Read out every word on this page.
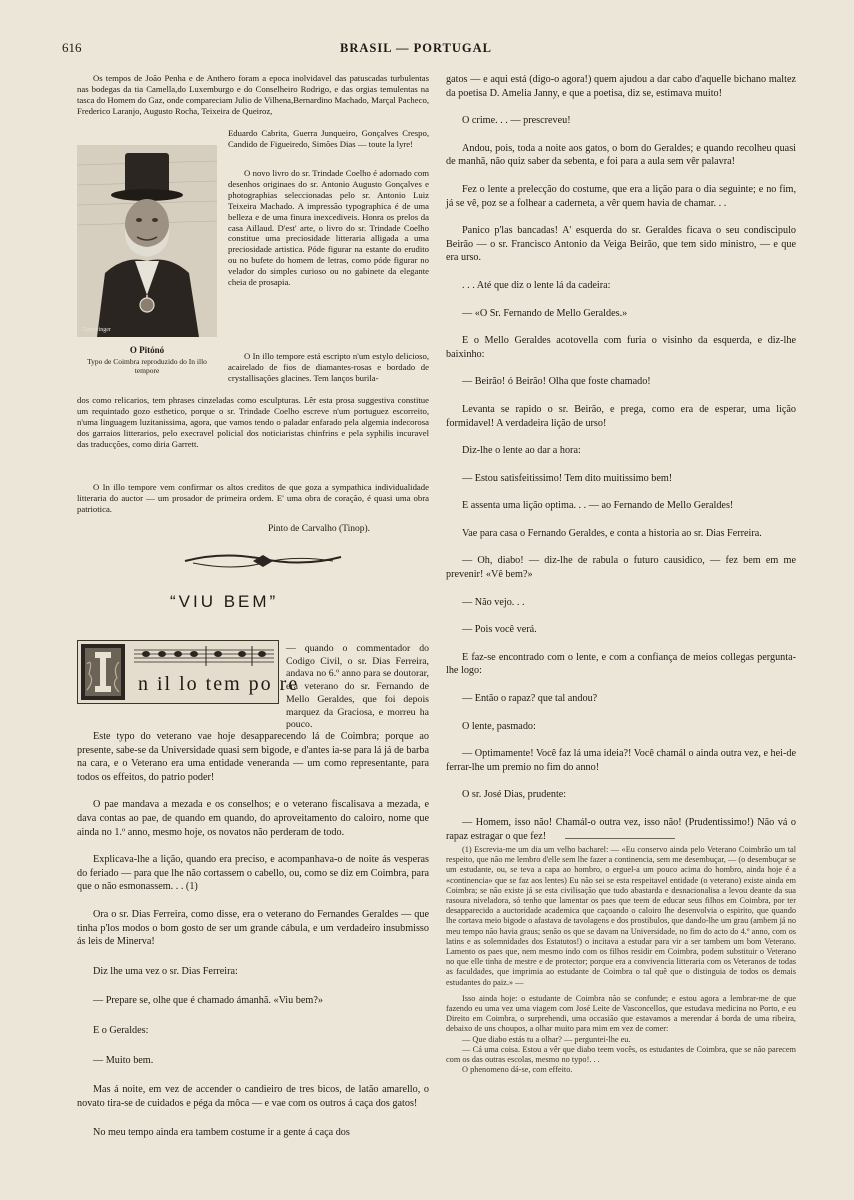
616	BRASIL — PORTUGAL

Os tempos de João Penha e de Anthero foram a epoca inolvidavel das patuscadas turbulentas nas bodegas da tia Camella,do Luxemburgo e do Conselheiro Rodrigo, e das orgias temulentas na tasca do Homem do Gaz, onde compareciam Julio de Vilhena,Bernardino Machado, Marçal Pacheco, Frederico Laranjo, Augusto Rocha, Teixeira de Queiroz,

Eduardo Cabrita, Guerra Junqueiro, Gonçalves Crespo, Candido de Figueiredo, Simões Dias — toute la lyre!

Tarrycinger

O novo livro do sr. Trindade Coelho é adornado com desenhos originaes do sr. Antonio Augusto Gonçalves e photographias seleccionadas pelo sr. Antonio Luiz Teixeira Machado. A impressão typographica é de uma belleza e de uma finura inexcediveis. Honra os prelos da casa Aillaud. D'est' arte, o livro do sr. Trindade Coelho constitue uma preciosidade litteraria alligada a uma preciosidade artistica. Póde figurar na estante do erudito ou no bufete do homem de letras, como póde figurar no velador do simples curioso ou no gabinete da elegante cheia de prosapia.

O Pitónó
Typo de Coimbra reproduzido do In illo tempore

O In illo tempore está escripto n'um estylo delicioso, acairelado de fios de diamantes-rosas e bordado de crystallisações glacines. Tem lanços burila-

dos como relicarios, tem phrases cinzeladas como esculpturas. Lêr esta prosa suggestiva constitue um requintado gozo esthetico, porque o sr. Trindade Coelho escreve n'um portuguez escorreito, n'uma linguagem luzitanissima, agora, que vamos tendo o paladar enfarado pela algemia indecorosa dos garraios litterarios, pelo execravel policial dos noticiaristas chinfrins e pela syphilis incuravel das traducções, como diria Garrett.

O In illo tempore vem confirmar os altos creditos de que goza a sympathica individualidade litteraria do auctor — um prosador de primeira ordem. E' uma obra de coração, é quasi uma obra patriotica.

Pinto de Carvalho (Tinop).
“VIU BEM”
n il lo tem po re

— quando o commentador do Codigo Civil, o sr. Dias Ferreira, andava no 6.º anno para se doutorar, era veterano do sr. Fernando de Mello Geraldes, que foi depois marquez da Graciosa, e morreu ha pouco.

Este typo do veterano vae hoje desapparecendo lá de Coimbra; porque ao presente, sabe-se da Universidade quasi sem bigode, e d'antes ia-se para lá já de barba na cara, e o Veterano era uma entidade veneranda — um como representante, para todos os effeitos, do patrio poder!

O pae mandava a mezada e os conselhos; e o veterano fiscalisava a mezada, e dava contas ao pae, de quando em quando, do aproveitamento do caloiro, nome que ainda no 1.º anno, mesmo hoje, os novatos não perderam de todo.

Explicava-lhe a lição, quando era preciso, e acompanhava-o de noite ás vesperas do feriado — para que lhe não cortassem o cabello, ou, como se diz em Coimbra, para que o não esmonassem. . . (1)

Ora o sr. Dias Ferreira, como disse, era o veterano do Fernandes Geraldes — que tinha p'los modos o bom gosto de ser um grande cábula, e um verdadeiro insubmisso ás leis de Minerva!

Diz lhe uma vez o sr. Dias Ferreira:

— Prepare se, olhe que é chamado ámanhã. «Viu bem?»

E o Geraldes:

— Muito bem.

Mas á noite, em vez de accender o candieiro de tres bicos, de latão amarello, o novato tira-se de cuidados e péga da môca — e vae com os outros á caça dos gatos!

No meu tempo ainda era tambem costume ir a gente á caça dos

gatos — e aqui está (digo-o agora!) quem ajudou a dar cabo d'aquelle bichano maltez da poetisa D. Amelia Janny, e que a poetisa, diz se, estimava muito!

O crime. . . — prescreveu!

Andou, pois, toda a noite aos gatos, o bom do Geraldes; e quando recolheu quasi de manhã, não quiz saber da sebenta, e foi para a aula sem vêr palavra!

Fez o lente a prelecção do costume, que era a lição para o dia seguinte; e no fim, já se vê, poz se a folhear a caderneta, a vêr quem havia de chamar. . .

Panico p'las bancadas! A' esquerda do sr. Geraldes ficava o seu condiscipulo Beirão — o sr. Francisco Antonio da Veiga Beirão, que tem sido ministro, — e que era urso.

. . . Até que diz o lente lá da cadeira:

— «O Sr. Fernando de Mello Geraldes.»

E o Mello Geraldes acotovella com furia o visinho da esquerda, e diz-lhe baixinho:

— Beirão! ó Beirão! Olha que foste chamado!

Levanta se rapido o sr. Beirão, e prega, como era de esperar, uma lição formidavel! A verdadeira lição de urso!

Diz-lhe o lente ao dar a hora:

— Estou satisfeitissimo! Tem dito muitissimo bem!

E assenta uma lição optima. . . — ao Fernando de Mello Geraldes!

Vae para casa o Fernando Geraldes, e conta a historia ao sr. Dias Ferreira.

— Oh, diabo! — diz-lhe de rabula o futuro causidico, — fez bem em me prevenir! «Vê bem?»

— Não vejo. . .

— Pois você verá.

E faz-se encontrado com o lente, e com a confiança de meios collegas pergunta-lhe logo:

— Então o rapaz? que tal andou?

O lente, pasmado:

— Optimamente! Você faz lá uma ideia?! Você chamál o ainda outra vez, e hei-de ferrar-lhe um premio no fim do anno!

O sr. José Dias, prudente:

— Homem, isso não! Chamál-o outra vez, isso não! (Prudentissimo!) Não vá o rapaz estragar o que fez!

(1) Escrevia-me um dia um velho bacharel: — «Eu conservo ainda pelo Veterano Coimbrão um tal respeito, que não me lembro d'elle sem lhe fazer a continencia, sem me desembuçar, — (o desembuçar se um estudante, ou, se teva a capa ao hombro, o erguel-a um pouco acima do hombro, ainda hoje é a «continencia» que se faz aos lentes) Eu não sei se esta respeitavel entidade (o veterano) existe ainda em Coimbra; se não existe já se esta civilisação que tudo abastarda e desnacionalisa a levou deante da sua rasoura niveladora, só tenho que lamentar os paes que teem de educar seus filhos em Coimbra, por ter desapparecido a auctoridade academica que caçoando o caloiro lhe desenvolvia o espirito, que quando lhe cortava meio bigode o afastava de tavolagens e dos prostibulos, que dando-lhe um grau (ambem já no meu tempo não havia graus; senão os que se davam na Universidade, no fim do acto do 4.º anno, com os latins e as solemnidades dos Estatutos!) o incitava a estudar para vir a ser tambem um bom Veterano. Lamento os paes que, nem mesmo indo com os filhos residir em Coimbra, podem substituir o Veterano no que elle tinha de mestre e de protector; porque era a convivencia litteraria com os Veteranos de todas as faculdades, que imprimia ao estudante de Coimbra o tal quê que o distinguia de todos os demais estudantes do paiz.» —

Isso ainda hoje: o estudante de Coimbra não se confunde; e estou agora a lembrar-me de que fazendo eu uma vez uma viagem com José Leite de Vasconcellos, que estudava medicina no Porto, e eu Direito em Coimbra, o surprehendi, uma occasião que estavamos a merendar á borda de uma ribeira, debaixo de uns choupos, a olhar muito para mim em vez de comer:

— Que diabo estás tu a olhar? — perguntei-lhe eu.

— Cá uma coisa. Estou a vêr que diabo teem vocês, os estudantes de Coimbra, que se não parecem com os das outras escolas, mesmo no typo!. . .

O phenomeno dá-se, com effeito.
